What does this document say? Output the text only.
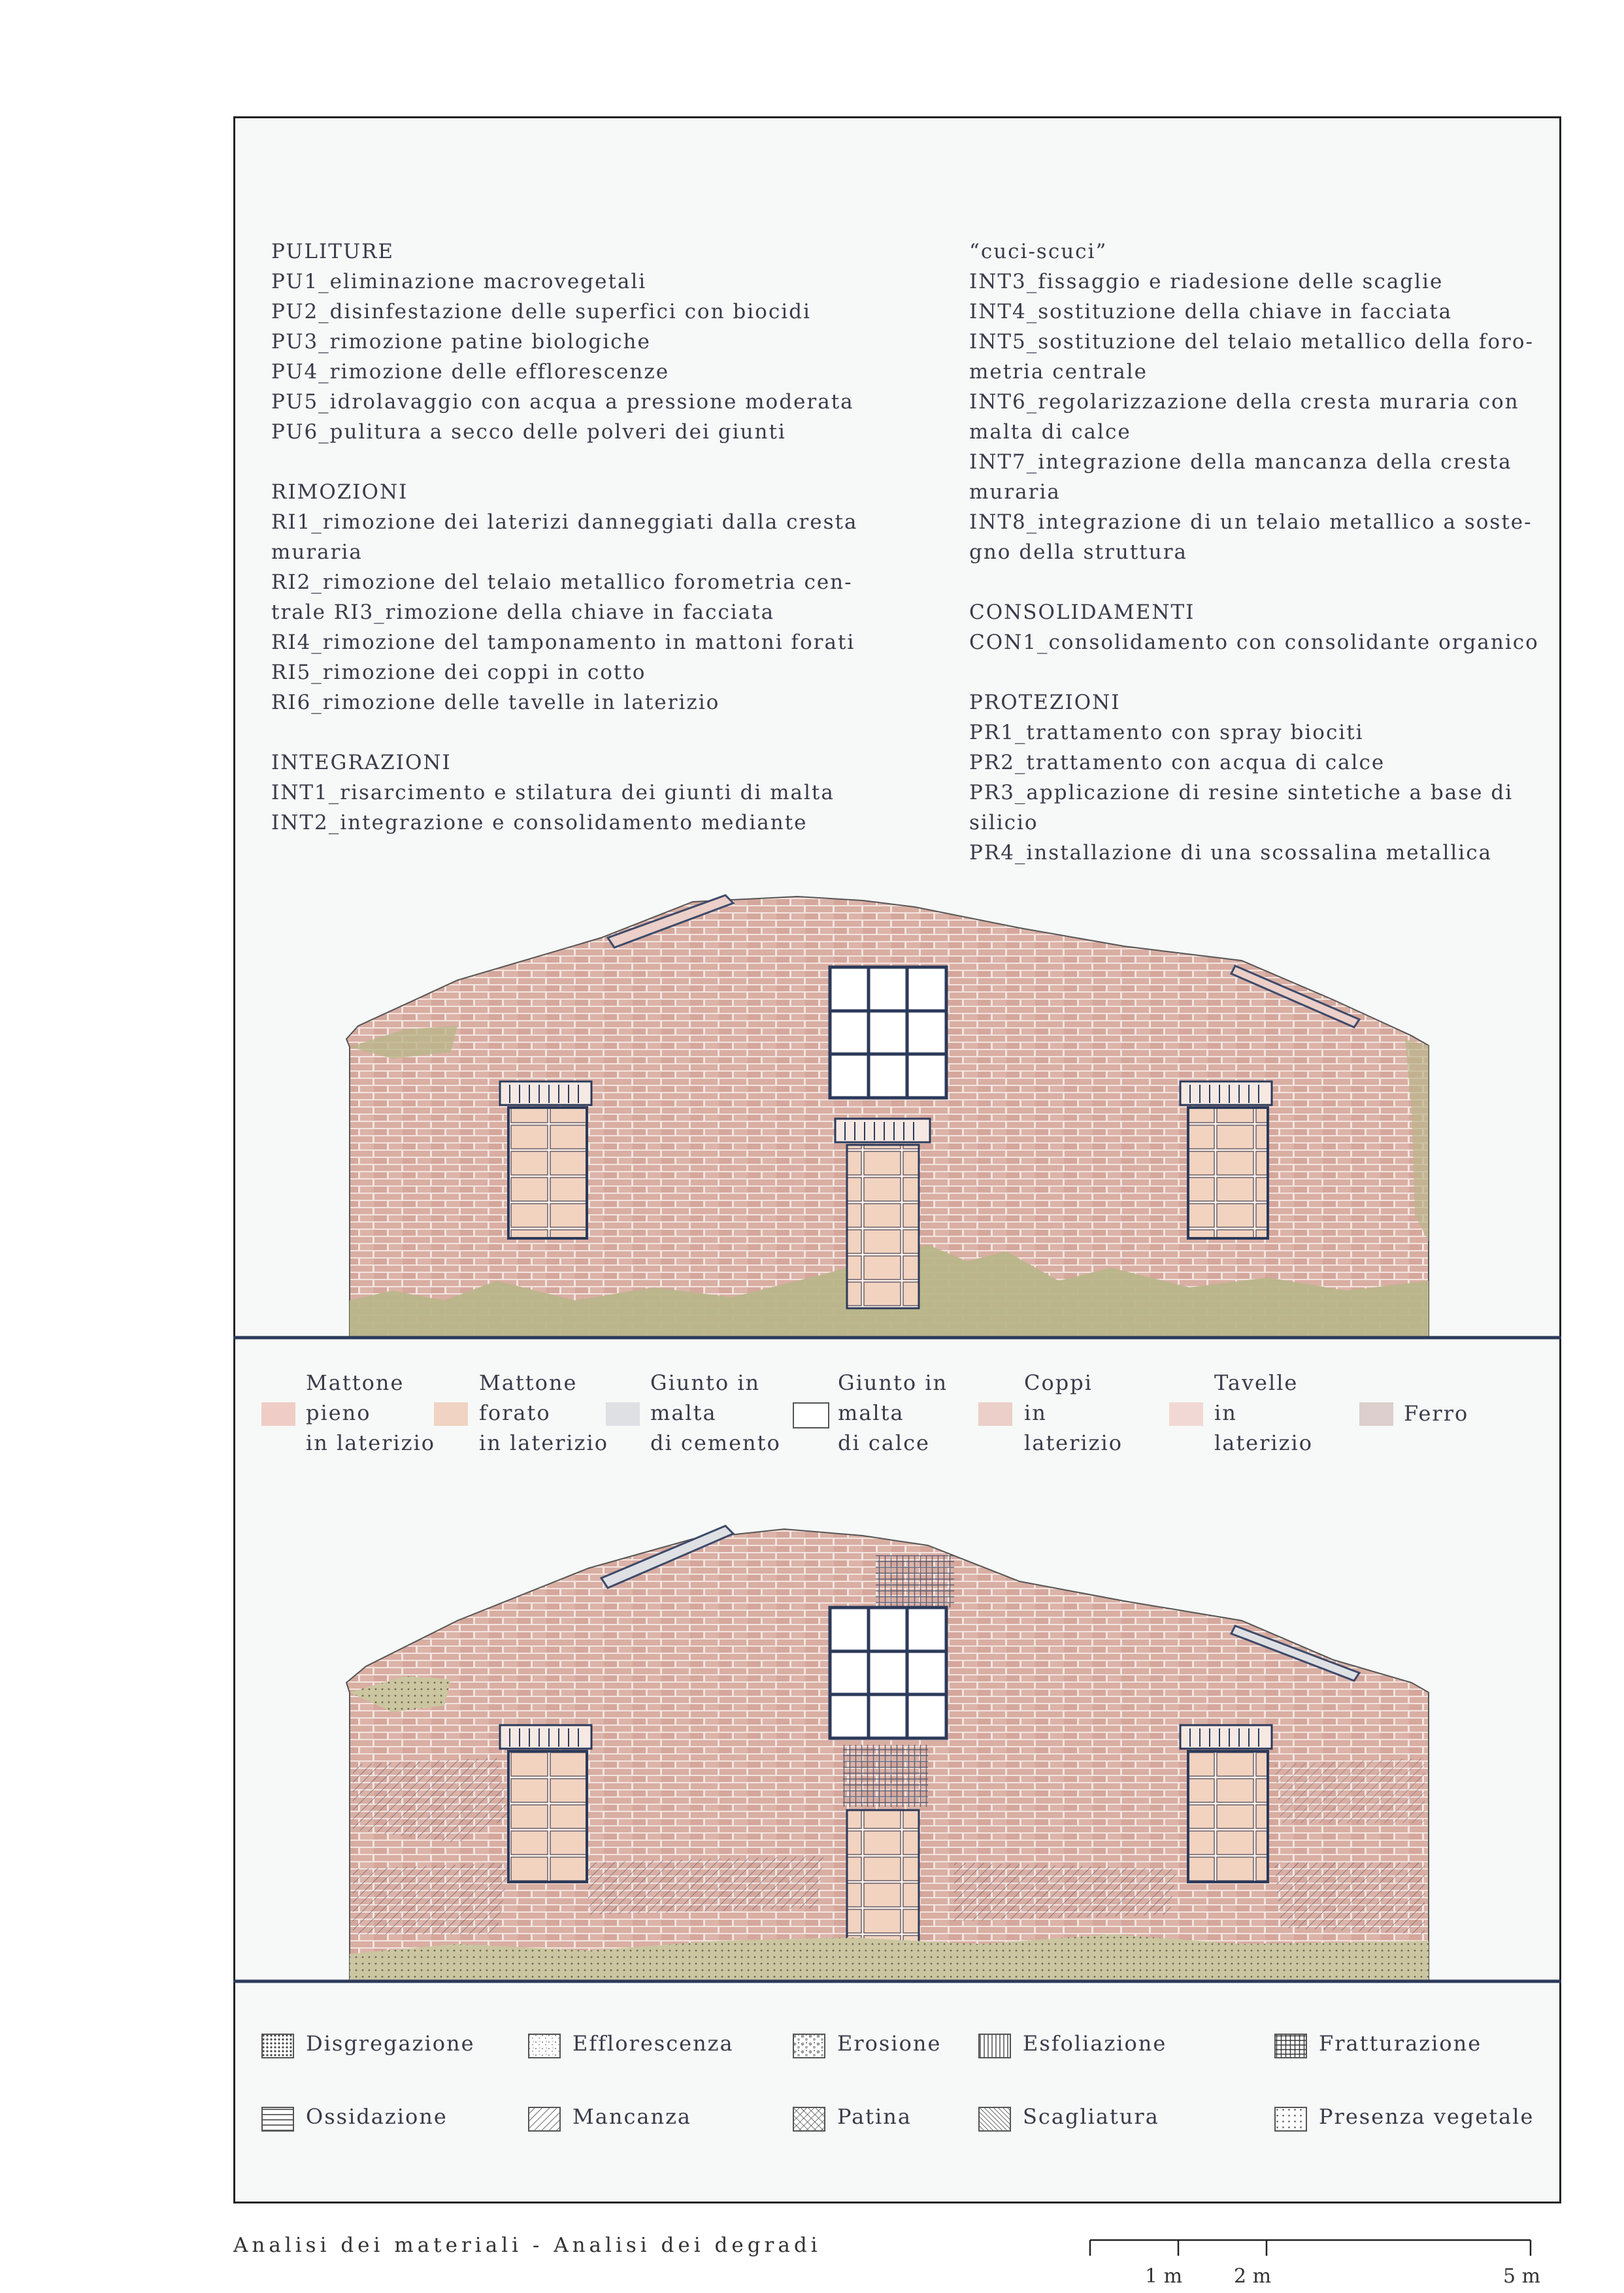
PULITURE
PU1_eliminazione macrovegetali
PU2_disinfestazione delle superfici con biocidi
PU3_rimozione patine biologiche
PU4_rimozione delle efflorescenze
PU5_idrolavaggio con acqua a pressione moderata
PU6_pulitura a secco delle polveri dei giunti
RIMOZIONI
RI1_rimozione dei laterizi danneggiati dalla cresta
muraria
RI2_rimozione del telaio metallico forometria cen-
trale RI3_rimozione della chiave in facciata
RI4_rimozione del tamponamento in mattoni forati
RI5_rimozione dei coppi in cotto
RI6_rimozione delle tavelle in laterizio
INTEGRAZIONI
INT1_risarcimento e stilatura dei giunti di malta
INT2_integrazione e consolidamento mediante
“cuci-scuci”
INT3_fissaggio e riadesione delle scaglie
INT4_sostituzione della chiave in facciata
INT5_sostituzione del telaio metallico della foro-
metria centrale
INT6_regolarizzazione della cresta muraria con
malta di calce
INT7_integrazione della mancanza della cresta
muraria
INT8_integrazione di un telaio metallico a soste-
gno della struttura
CONSOLIDAMENTI
CON1_consolidamento con consolidante organico
PROTEZIONI
PR1_trattamento con spray biociti
PR2_trattamento con acqua di calce
PR3_applicazione di resine sintetiche a base di
silicio
PR4_installazione di una scossalina metallica
Analisi dei materiali - Analisi dei degradi
1 m	2 m	5 m
Mattone
pieno
in laterizio
Mattone
forato
in laterizio
Giunto in
malta
di cemento
Giunto in
malta
di calce
Coppi
in
laterizio
Tavelle
in
laterizio
Ferro
Disgregazione	Efflorescenza	Erosione	Esfoliazione	Fratturazione
Ossidazione	Mancanza	Patina	Scagliatura	Presenza vegetale
